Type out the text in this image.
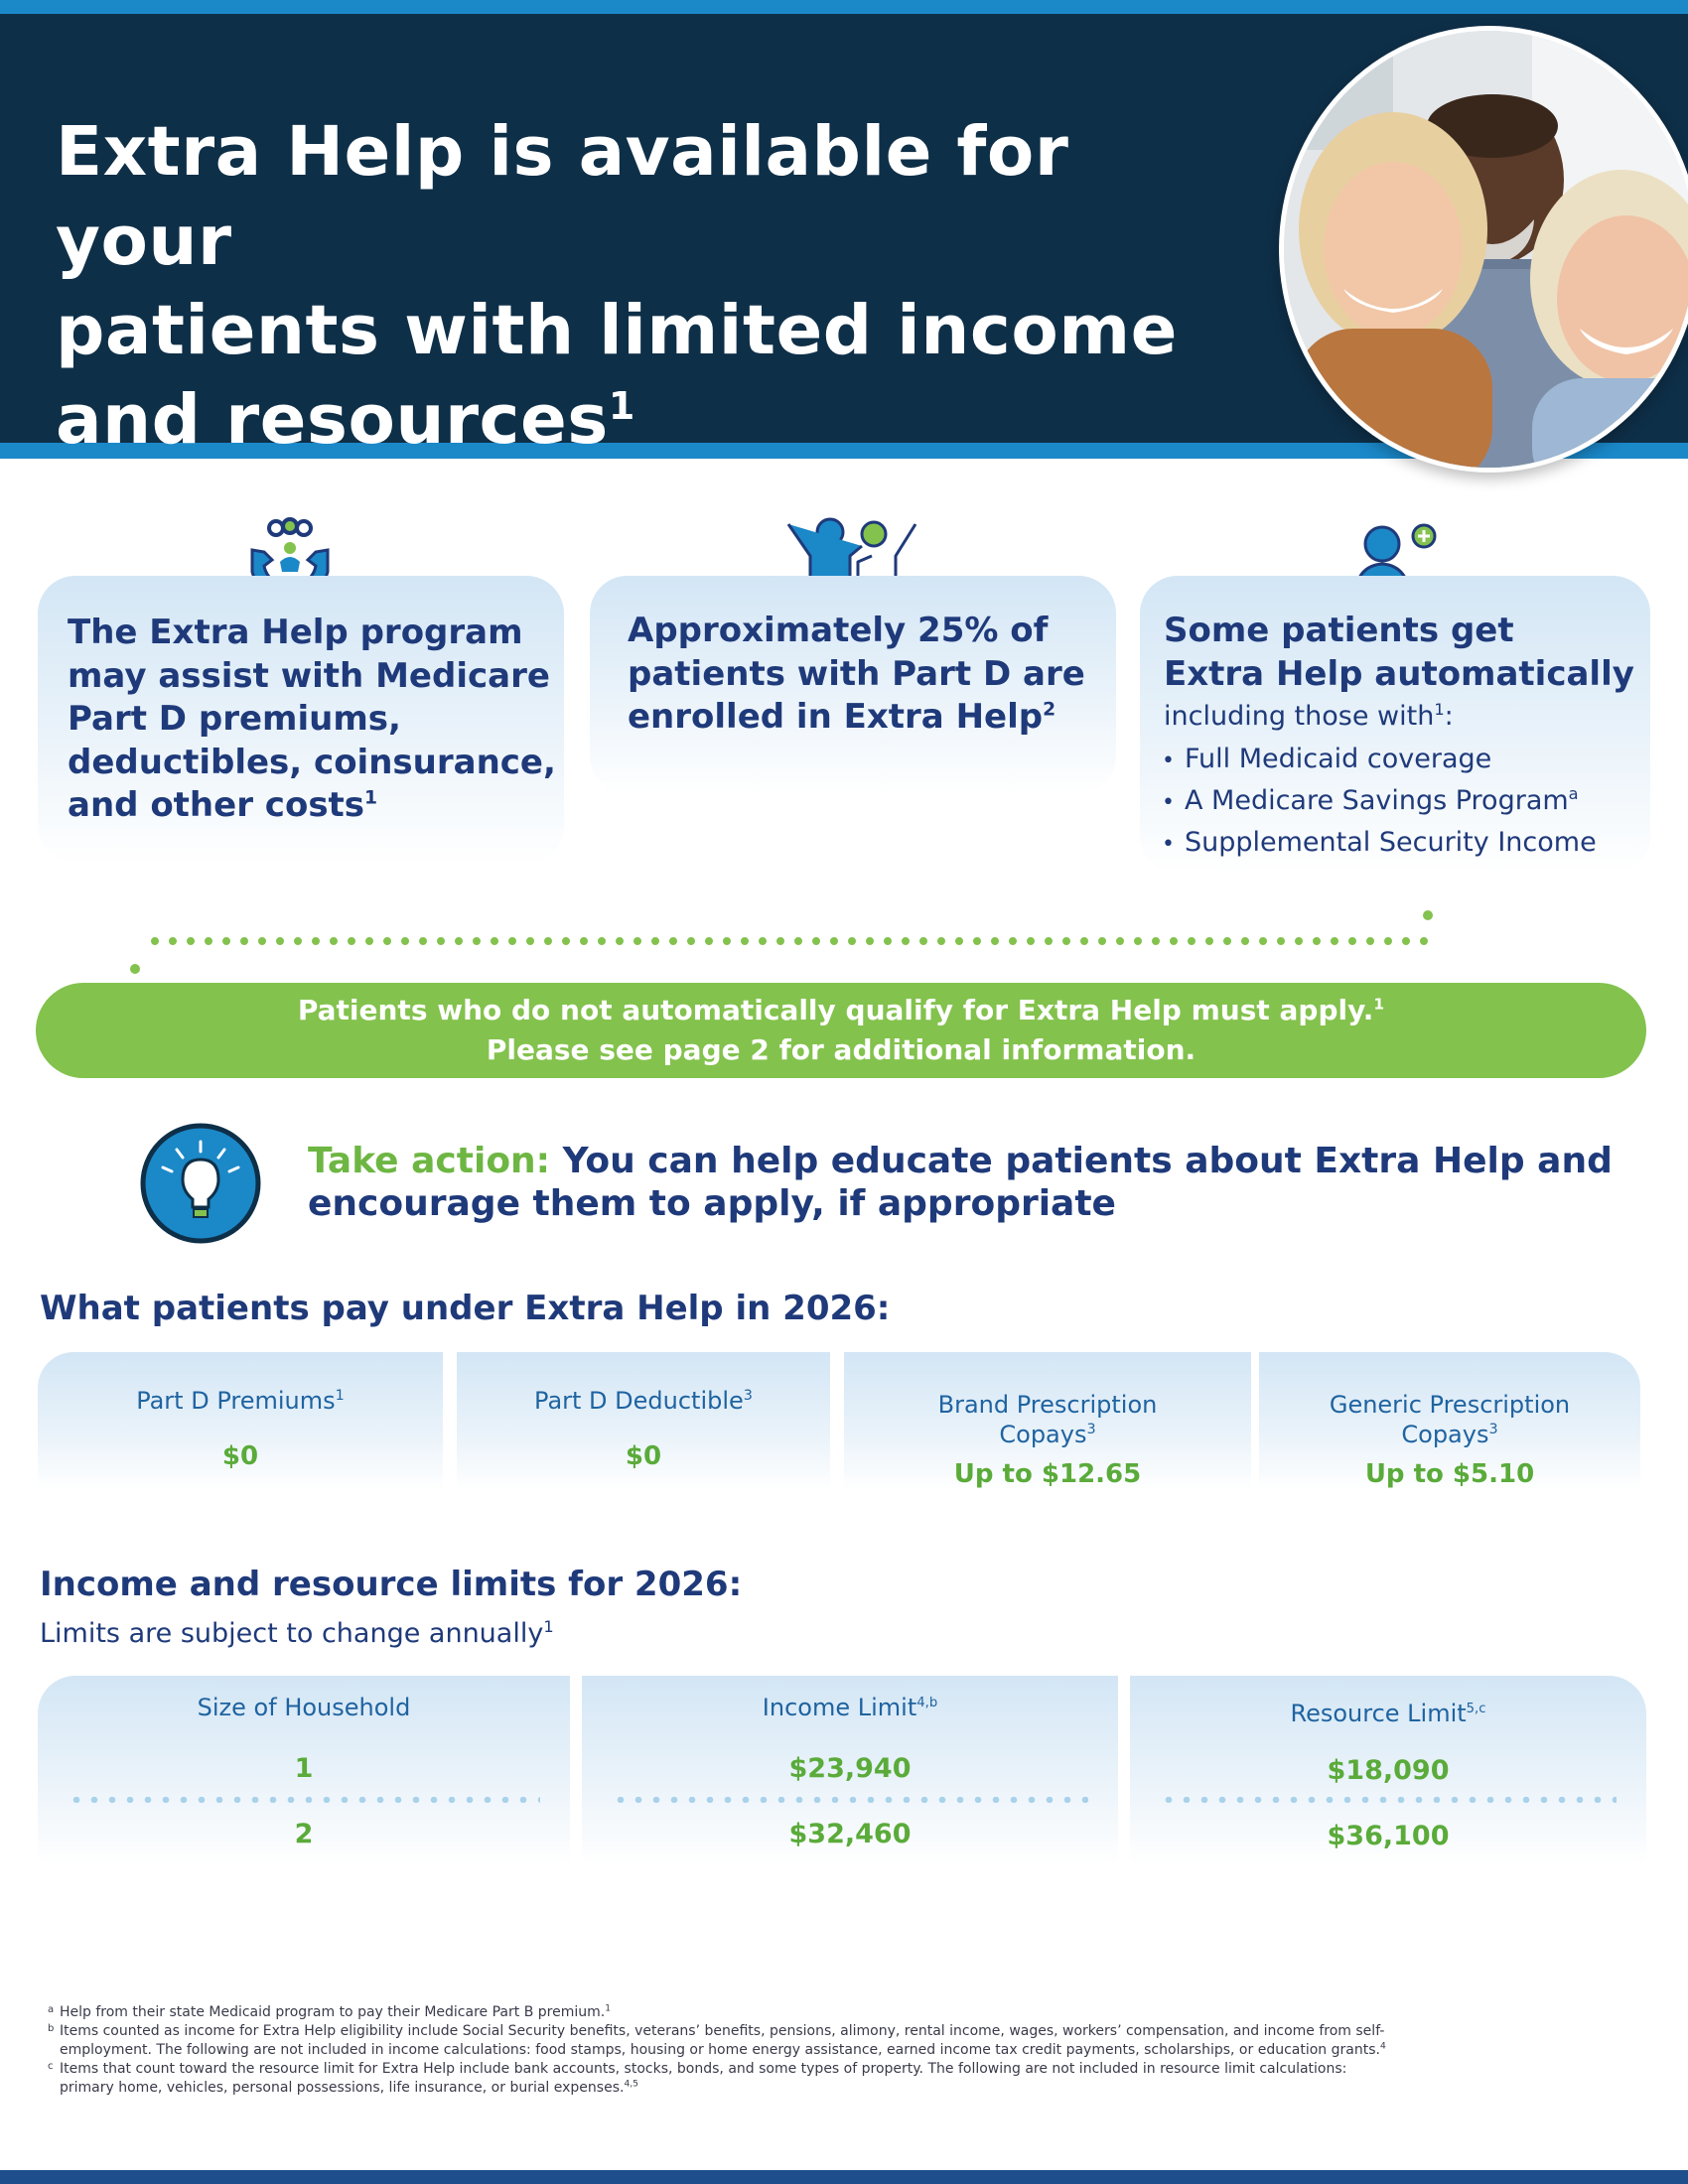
Extra Help is available for your
patients with limited income
and resources$^1$
The Extra Help program
may assist with Medicare
Part D premiums,
deductibles, coinsurance,
and other costs$^1$
Approximately 25% of
patients with Part D are
enrolled in Extra Help$^2$
Some patients get
Extra Help automatically
including those with$^1$:
• Full Medicaid coverage
• A Medicare Savings Program$^a$
• Supplemental Security Income
Patients who do not automatically qualify for Extra Help must apply.$^1$
Please see page 2 for additional information.
Take action: You can help educate patients about Extra Help and encourage them to apply, if appropriate
What patients pay under Extra Help in 2026:
Part D Premiums$^1$
$0
Part D Deductible$^3$
$0
Brand Prescription
Copays$^3$
Up to $12.65
Generic Prescription
Copays$^3$
Up to $5.10
Income and resource limits for 2026:
Limits are subject to change annually$^1$
Size of Household
1
2
Income Limit$^{4,b}$
$23,940
$32,460
Resource Limit$^{5,c}$
$18,090
$36,100
a Help from their state Medicaid program to pay their Medicare Part B premium.$^1$
b Items counted as income for Extra Help eligibility include Social Security benefits, veterans’ benefits, pensions, alimony, rental income, wages, workers’ compensation, and income from self-
employment. The following are not included in income calculations: food stamps, housing or home energy assistance, earned income tax credit payments, scholarships, or education grants.$^4$
c Items that count toward the resource limit for Extra Help include bank accounts, stocks, bonds, and some types of property. The following are not included in resource limit calculations:
primary home, vehicles, personal possessions, life insurance, or burial expenses.$^{4,5}$
